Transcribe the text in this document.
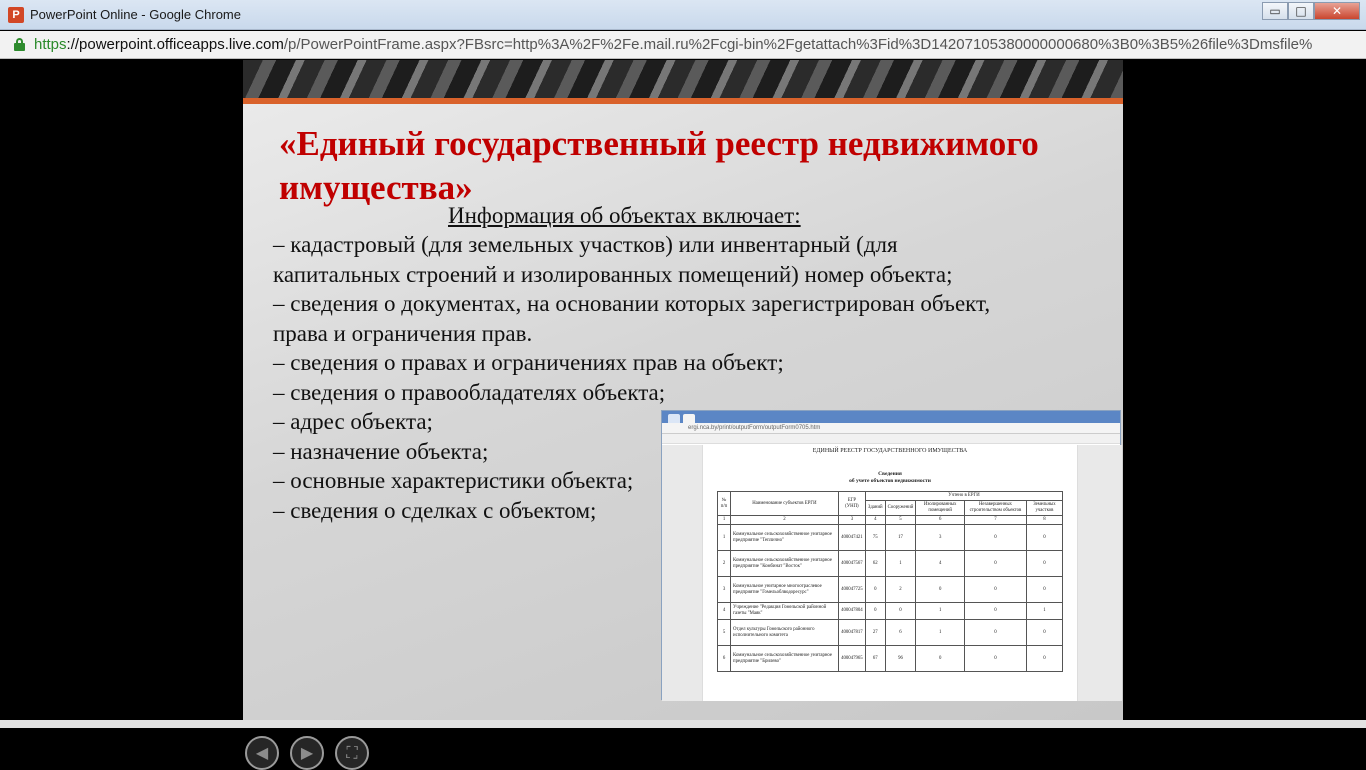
P PowerPoint Online - Google Chrome	▭	□	✕
https://powerpoint.officeapps.live.com/p/PowerPointFrame.aspx?FBsrc=http%3A%2F%2Fe.mail.ru%2Fcgi-bin%2Fgetattach%3Fid%3D14207105380000000680%3B0%3B5%26file%3Dmsfile%
«Единый государственный реестр недвижимого имущества»
Информация об объектах включает:
– кадастровый (для земельных участков) или инвентарный (для
капитальных строений и изолированных помещений) номер объекта;
– сведения о документах, на основании которых зарегистрирован объект,
права и ограничения прав.
– сведения о правах и ограничениях прав на объект;
– сведения о правообладателях объекта;
– адрес объекта;
– назначение объекта;
– основные характеристики объекта;
– сведения о сделках с объектом;
ergi.nca.by/print/outputForm/outputForm0705.htm
ЕДИНЫЙ РЕЕСТР ГОСУДАРСТВЕННОГО ИМУЩЕСТВА
Сведения
об учете объектов недвижимости
№ п/п	Наименование субъектов ЕРГИ	ЕГР (УНП)	Учтено в ЕРГИ				
			Зданий	Сооружений	Изолированных помещений	Незавершенных строительством объектов	Земельных участков
1	2	3	4	5	6	7	8
1	Коммунальное сельскохозяйственное унитарное предприятие "Теплично"	400047421	75	17	3	0	0
2	Коммунальное сельскохозяйственное унитарное предприятие "Комбинат "Восток"	400047567	62	1	4	0	0
3	Коммунальное унитарное многоотраслевое предприятие "Гомельоблводоресурс"	400047725	0	2	0	0	0
4	Учреждение "Редакция Гомельской районной газеты "Маяк"	400047804	0	0	1	0	1
5	Отдел культуры Гомельского районного исполнительного комитета	400047817	27	6	1	0	0
6	Коммунальное сельскохозяйственное унитарное предприятие "Брилево"	400047965	67	96	0	0	0
◀	▶	⛶
